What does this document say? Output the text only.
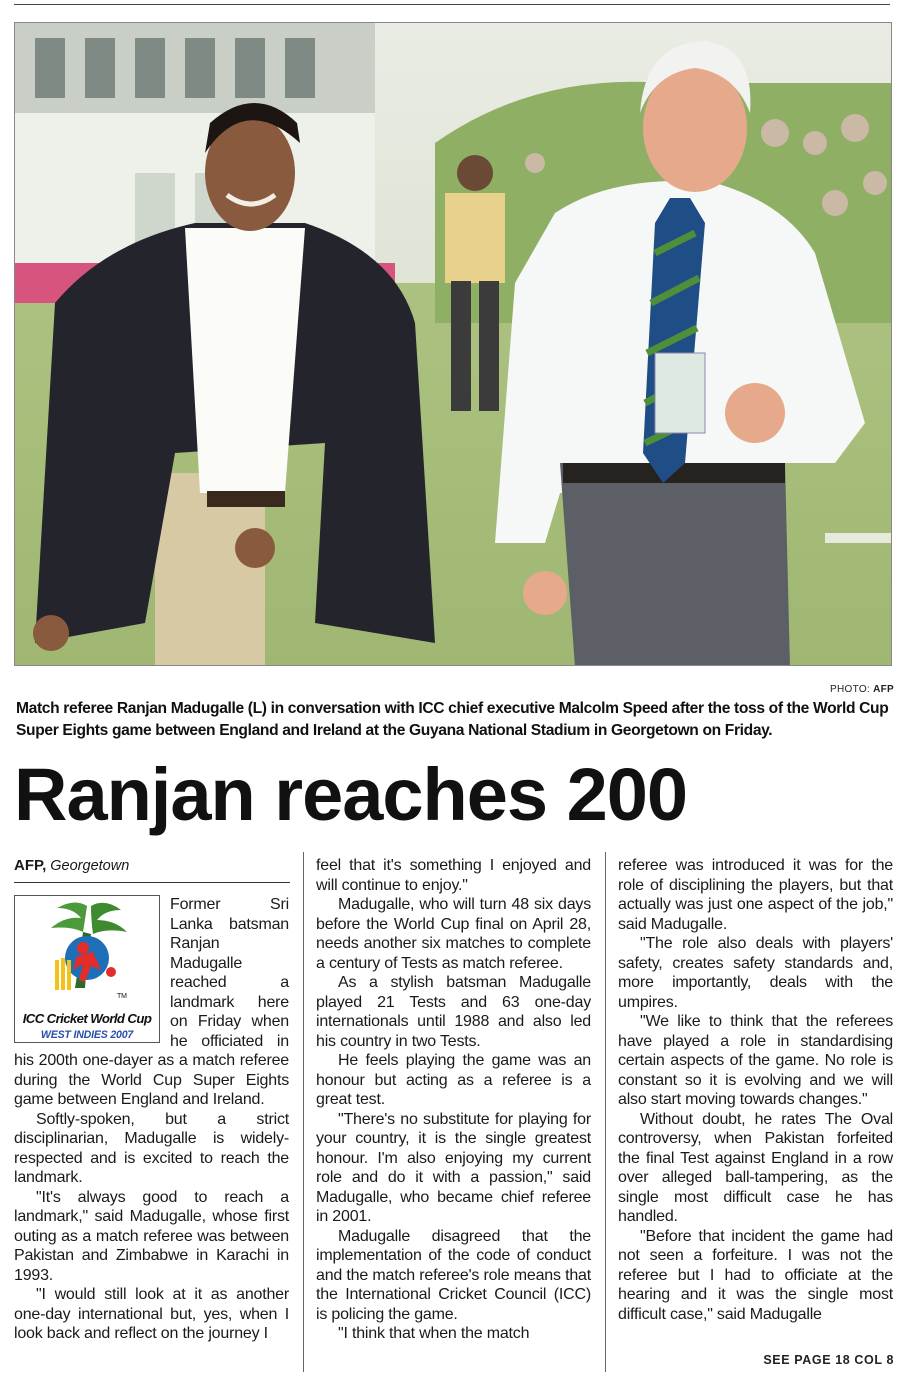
PHOTO: AFP
Match referee Ranjan Madugalle (L) in conversation with ICC chief executive Malcolm Speed after the toss of the World Cup Super Eights game between England and Ireland at the Guyana National Stadium in Georgetown on Friday.
Ranjan reaches 200
AFP, Georgetown
TM
ICC Cricket World Cup
WEST INDIES 2007

Former Sri Lanka batsman Ranjan Madugalle reached a landmark here on Friday when he officiated in his 200th one-dayer as a match referee during the World Cup Super Eights game between England and Ireland.

Softly-spoken, but a strict disciplinarian, Madugalle is widely-respected and is excited to reach the landmark.

"It's always good to reach a landmark," said Madugalle, whose first outing as a match referee was between Pakistan and Zimbabwe in Karachi in 1993.

"I would still look at it as another one-day international but, yes, when I look back and reflect on the journey I

feel that it's something I enjoyed and will continue to enjoy."

Madugalle, who will turn 48 six days before the World Cup final on April 28, needs another six matches to complete a century of Tests as match referee.

As a stylish batsman Madugalle played 21 Tests and 63 one-day internationals until 1988 and also led his country in two Tests.

He feels playing the game was an honour but acting as a referee is a great test.

"There's no substitute for playing for your country, it is the single greatest honour. I'm also enjoying my current role and do it with a passion," said Madugalle, who became chief referee in 2001.

Madugalle disagreed that the implementation of the code of conduct and the match referee's role means that the International Cricket Council (ICC) is policing the game.

"I think that when the match

referee was introduced it was for the role of disciplining the players, but that actually was just one aspect of the job," said Madugalle.

"The role also deals with players' safety, creates safety standards and, more importantly, deals with the umpires.

"We like to think that the referees have played a role in standardising certain aspects of the game. No role is constant so it is evolving and we will also start moving towards changes."

Without doubt, he rates The Oval controversy, when Pakistan forfeited the final Test against England in a row over alleged ball-tampering, as the single most difficult case he has handled.

"Before that incident the game had not seen a forfeiture. I was not the referee but I had to officiate at the hearing and it was the single most difficult case," said Madugalle

SEE PAGE 18 COL 8
